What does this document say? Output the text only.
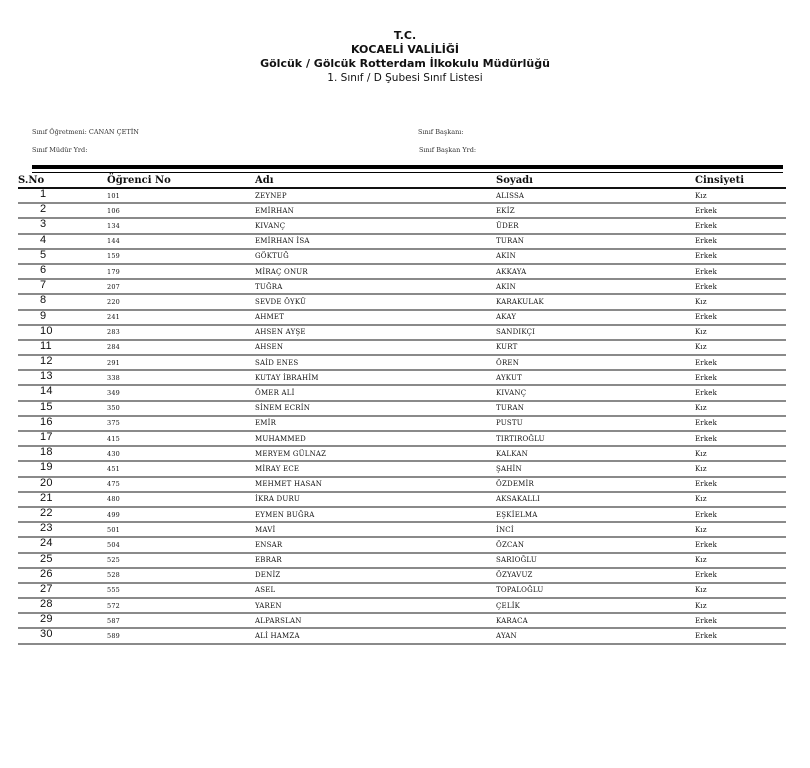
T.C.
KOCAELİ VALİLİĞİ
Gölcük / Gölcük Rotterdam İlkokulu Müdürlüğü
1. Sınıf / D Şubesi Sınıf Listesi
Sınıf Öğretmeni: CANAN ÇETİN
Sınıf Müdür Yrd:
Sınıf Başkanı:
Sınıf Başkan Yrd:
S.No	Öğrenci No	Adı	Soyadı	Cinsiyeti
1	101	ZEYNEP	ALISSA	Kız
2	106	EMİRHAN	EKİZ	Erkek
3	134	KIVANÇ	ÜDER	Erkek
4	144	EMİRHAN İSA	TURAN	Erkek
5	159	GÖKTUĞ	AKIN	Erkek
6	179	MİRAÇ ONUR	AKKAYA	Erkek
7	207	TUĞRA	AKIN	Erkek
8	220	SEVDE ÖYKÜ	KARAKULAK	Kız
9	241	AHMET	AKAY	Erkek
10	283	AHSEN AYŞE	SANDIKÇI	Kız
11	284	AHSEN	KURT	Kız
12	291	SAİD ENES	ÖREN	Erkek
13	338	KUTAY İBRAHİM	AYKUT	Erkek
14	349	ÖMER ALİ	KIVANÇ	Erkek
15	350	SİNEM ECRİN	TURAN	Kız
16	375	EMİR	PUSTU	Erkek
17	415	MUHAMMED	TIRTIROĞLU	Erkek
18	430	MERYEM GÜLNAZ	KALKAN	Kız
19	451	MİRAY ECE	ŞAHİN	Kız
20	475	MEHMET HASAN	ÖZDEMİR	Erkek
21	480	İKRA DURU	AKSAKALLI	Kız
22	499	EYMEN BUĞRA	EŞKİELMA	Erkek
23	501	MAVİ	İNCİ	Kız
24	504	ENSAR	ÖZCAN	Erkek
25	525	EBRAR	SARIOĞLU	Kız
26	528	DENİZ	ÖZYAVUZ	Erkek
27	555	ASEL	TOPALOĞLU	Kız
28	572	YAREN	ÇELİK	Kız
29	587	ALPARSLAN	KARACA	Erkek
30	589	ALİ HAMZA	AYAN	Erkek
